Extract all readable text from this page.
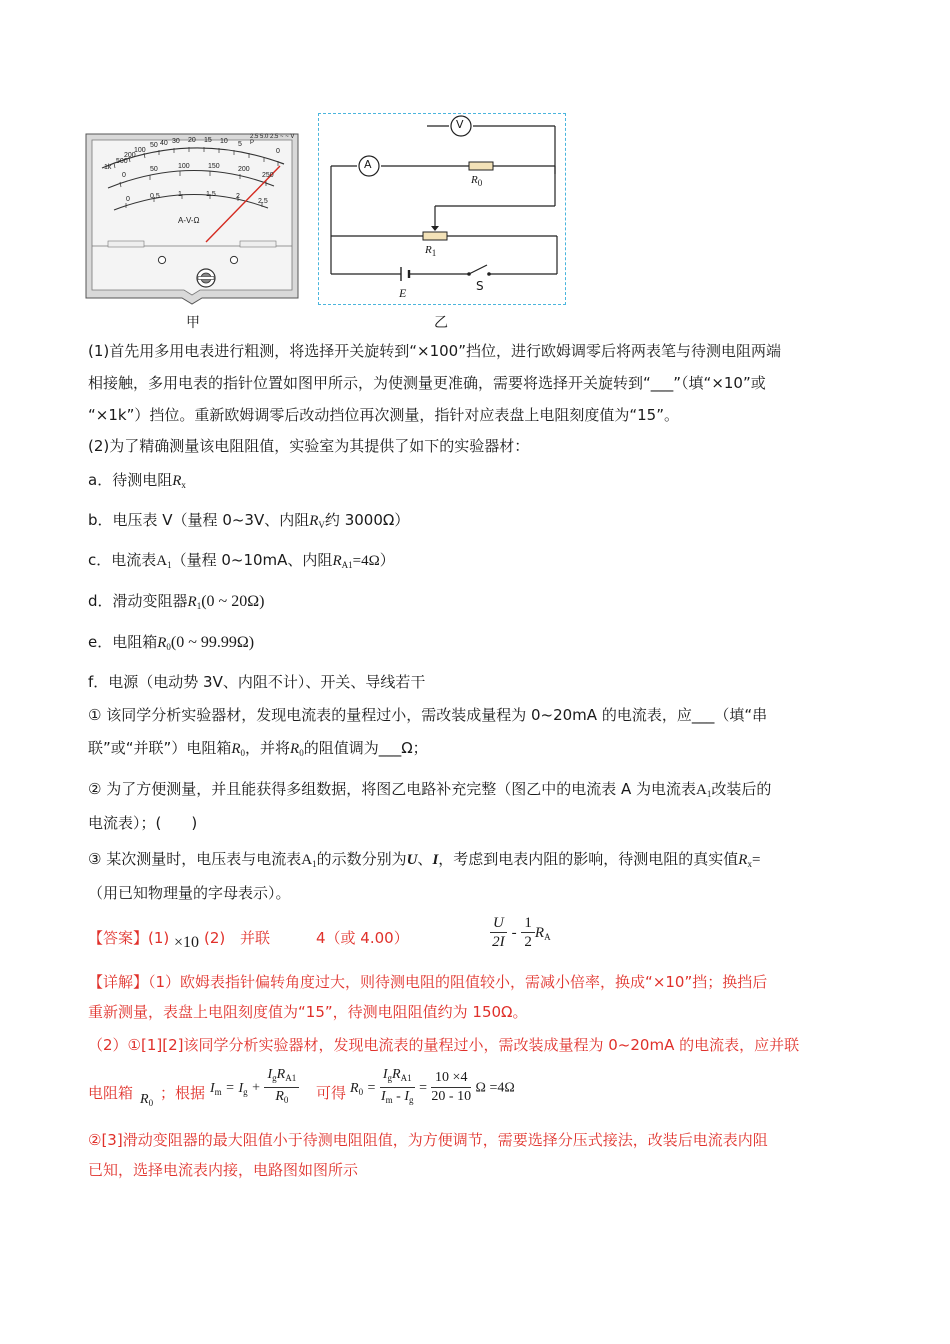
1k
500
200
100
50 40 30 20 15 10 5
0
2.5 5.0 2.5 ~ ~ V P
0
50	100	150	200
250
0	0.5	1	1.5	2
2.5
A-V-Ω
甲
V
A
$R_0$
$R_1$
E	S
乙
(1)首先用多用电表进行粗测，将选择开关旋转到“×100”挡位，进行欧姆调零后将两表笔与待测电阻两端
相接触，多用电表的指针位置如图甲所示，为使测量更准确，需要将选择开关旋转到“___”（填“×10”或
“×1k”）挡位。重新欧姆调零后改动挡位再次测量，指针对应表盘上电阻刻度值为“15”。
(2)为了精确测量该电阻阻值，实验室为其提供了如下的实验器材：
a．待测电阻$R_x$
b．电压表 V（量程 0~3V、内阻$R_V$约 3000Ω）
c．电流表$A_1$（量程 0~10mA、内阻$R_{A1}=4\Omega$）
d．滑动变阻器$R_1(0$ ~ 20Ω)
e．电阻箱$R_0(0$ ~ 99.99Ω)
f．电源（电动势 3V、内阻不计）、开关、导线若干
① 该同学分析实验器材，发现电流表的量程过小，需改装成量程为 0~20mA 的电流表，应___（填“串
联”或“并联”）电阻箱$R_0$，并将$R_0$的阻值调为___Ω；
② 为了方便测量，并且能获得多组数据，将图乙电路补充完整（图乙中的电流表 A 为电流表$A_1$改装后的
电流表）；(　　)
③ 某次测量时，电压表与电流表$A_1$的示数分别为U、I，考虑到电表内阻的影响，待测电阻的真实值$R_x=$
（用已知物理量的字母表示）。
【答案】(1) ×10 (2) 并联	4（或 4.00）	$\frac{U}{2I} - \frac{1}{2} R_A$
【详解】（1）欧姆表指针偏转角度过大，则待测电阻的阻值较小，需减小倍率，换成“×10”挡；换挡后
重新测量，表盘上电阻刻度值为“15”，待测电阻阻值约为 150Ω。
（2）①[1][2]该同学分析实验器材，发现电流表的量程过小，需改装成量程为 0~20mA 的电流表，应并联
电阻箱 $R_0$
；根据 $I_m = I_g + \frac{I_gR_{A1}}{R_0}$ 可得 $R_0 = \frac{I_gR_{A1}}{I_m - I_g} = \frac{10 \times 4}{20 - 10}$ Ω =4Ω
②[3]滑动变阻器的最大阻值小于待测电阻阻值，为方便调节，需要选择分压式接法，改装后电流表内阻
已知，选择电流表内接，电路图如图所示
